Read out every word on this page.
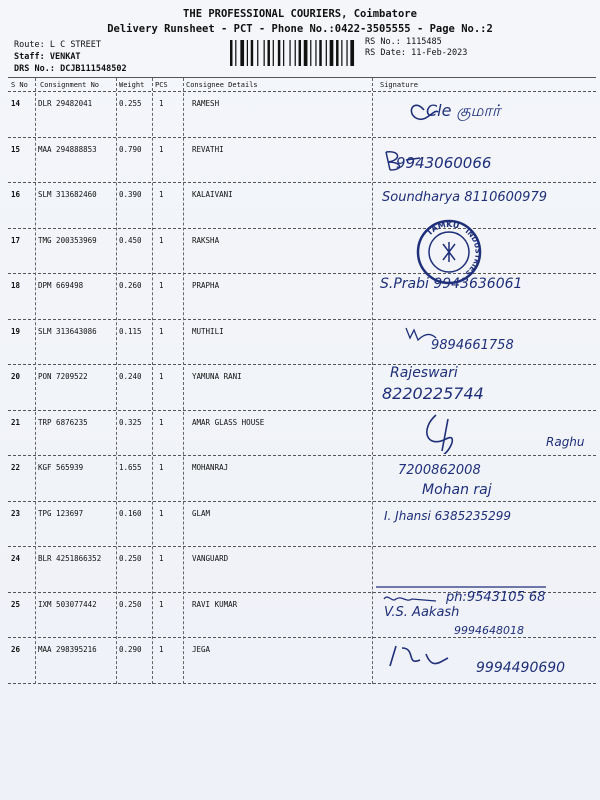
THE PROFESSIONAL COURIERS, Coimbatore
Delivery Runsheet - PCT - Phone No.:0422-3505555 - Page No.:2
Route: L C STREET
Staff: VENKAT
DRS No.: DCJB111548502
RS No.: 1115485
RS Date: 11-Feb-2023
S No Consignment No	Weight PCS	Consignee Details	Signature
14 DLR 29482041	0.255 1	RAMESH	Cle குமார்
15 MAA 294888853	0.790 1	REVATHI
9943060066
16 SLM 313682460	0.390 1	KALAIVANI	Soundharya 8110600979
17 TMG 200353969	0.450 1	RAKSHA
18 DPM 669498	0.260 1	PRAPHA	S.Prabi 9943636061
19 SLM 313643086	0.115 1	MUTHILI
9894661758
20 PON 7209522	0.240 1	YAMUNA RANI	Rajeswari
8220225744
21 TRP 6876235	0.325 1	AMAR GLASS HOUSE
Raghu
22 KGF 565939	1.655 1	MOHANRAJ	7200862008
Mohan raj
23 TPG 123697	0.160 1	GLAM	I. Jhansi 6385235299
24 BLR 4251866352 0.250 1	VANGUARD
25 IXM 503077442	0.250 1	RAVI KUMAR	ph:9543105 68
V.S. Aakash
9994648018
26 MAA 298395216	0.290 1	JEGA
9994490690
TAMKU
INDUSTRIES
